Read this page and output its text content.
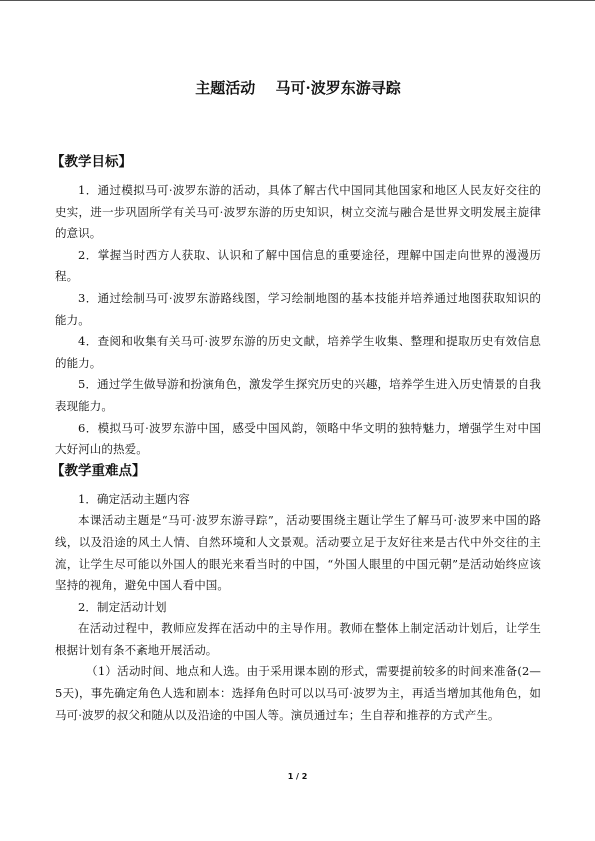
主题活动　 马可·波罗东游寻踪
【教学目标】

1．通过模拟马可·波罗东游的活动，具体了解古代中国同其他国家和地区人民友好交往的史实，进一步巩固所学有关马可·波罗东游的历史知识，树立交流与融合是世界文明发展主旋律的意识。

2．掌握当时西方人获取、认识和了解中国信息的重要途径，理解中国走向世界的漫漫历程。

3．通过绘制马可·波罗东游路线图，学习绘制地图的基本技能并培养通过地图获取知识的能力。

4．查阅和收集有关马可·波罗东游的历史文献，培养学生收集、整理和提取历史有效信息的能力。

5．通过学生做导游和扮演角色，激发学生探究历史的兴趣，培养学生进入历史情景的自我表现能力。

6．模拟马可·波罗东游中国，感受中国风韵，领略中华文明的独特魅力，增强学生对中国大好河山的热爱。

【教学重难点】

1．确定活动主题内容

本课活动主题是“马可·波罗东游寻踪”，活动要围绕主题让学生了解马可·波罗来中国的路线，以及沿途的风土人情、自然环境和人文景观。活动要立足于友好往来是古代中外交往的主流，让学生尽可能以外国人的眼光来看当时的中国，“外国人眼里的中国元朝”是活动始终应该坚持的视角，避免中国人看中国。

2．制定活动计划

在活动过程中，教师应发挥在活动中的主导作用。教师在整体上制定活动计划后，让学生根据计划有条不紊地开展活动。

（1）活动时间、地点和人选。由于采用课本剧的形式，需要提前较多的时间来准备(2—5天)，事先确定角色人选和剧本：选择角色时可以以马可·波罗为主，再适当增加其他角色，如马可·波罗的叔父和随从以及沿途的中国人等。演员通过车；生自荐和推荐的方式产生。

1 / 2
